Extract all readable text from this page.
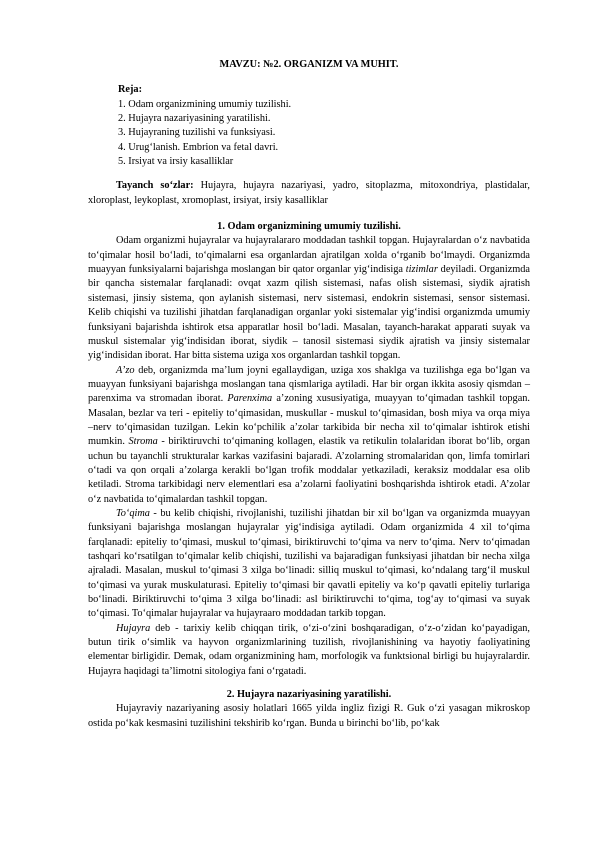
MAVZU: №2. ORGANIZM VA MUHIT.
Reja:
1. Odam organizmining umumiy tuzilishi.
2. Hujayra nazariyasining yaratilishi.
3. Hujayraning tuzilishi va funksiyasi.
4. Urug‘lanish. Embrion va fetal davri.
5. Irsiyat va irsiy kasalliklar

Tayanch so‘zlar: Hujayra, hujayra nazariyasi, yadro, sitoplazma, mitoxondriya, plastidalar, xloroplast, leykoplast, xromoplast, irsiyat, irsiy kasalliklar

1. Odam organizmining umumiy tuzilishi.

Odam organizmi hujayralar va hujayralararo moddadan tashkil topgan. Hujayralardan o‘z navbatida to‘qimalar hosil bo‘ladi, to‘qimalarni esa organlardan ajratilgan xolda o‘rganib bo‘lmaydi. Organizmda muayyan funksiyalarni bajarishga moslangan bir qator organlar yig‘indisiga tizimlar deyiladi. Organizmda bir qancha sistemalar farqlanadi: ovqat xazm qilish sistemasi, nafas olish sistemasi, siydik ajratish sistemasi, jinsiy sistema, qon aylanish sistemasi, nerv sistemasi, endokrin sistemasi, sensor sistemasi. Kelib chiqishi va tuzilishi jihatdan farqlanadigan organlar yoki sistemalar yig‘indisi organizmda umumiy funksiyani bajarishda ishtirok etsa apparatlar hosil bo‘ladi. Masalan, tayanch-harakat apparati suyak va muskul sistemalar yig‘indisidan iborat, siydik – tanosil sistemasi siydik ajratish va jinsiy sistemalar yig‘indisidan iborat. Har bitta sistema uziga xos organlardan tashkil topgan.

A’zo deb, organizmda ma’lum joyni egallaydigan, uziga xos shaklga va tuzilishga ega bo‘lgan va muayyan funksiyani bajarishga moslangan tana qismlariga aytiladi. Har bir organ ikkita asosiy qismdan – parenxima va stromadan iborat. Parenxima a’zoning xususiyatiga, muayyan to‘qimadan tashkil topgan. Masalan, bezlar va teri - epiteliy to‘qimasidan, muskullar - muskul to‘qimasidan, bosh miya va orqa miya –nerv to‘qimasidan tuzilgan. Lekin ko‘pchilik a’zolar tarkibida bir necha xil to‘qimalar ishtirok etishi mumkin. Stroma - biriktiruvchi to‘qimaning kollagen, elastik va retikulin tolalaridan iborat bo‘lib, organ uchun bu tayanchli strukturalar karkas vazifasini bajaradi. A’zolarning stromalaridan qon, limfa tomirlari o‘tadi va qon orqali a’zolarga kerakli bo‘lgan trofik moddalar yetkaziladi, keraksiz moddalar esa olib ketiladi. Stroma tarkibidagi nerv elementlari esa a’zolarni faoliyatini boshqarishda ishtirok etadi. A’zolar o‘z navbatida to‘qimalardan tashkil topgan.

To‘qima - bu kelib chiqishi, rivojlanishi, tuzilishi jihatdan bir xil bo‘lgan va organizmda muayyan funksiyani bajarishga moslangan hujayralar yig‘indisiga aytiladi. Odam organizmida 4 xil to‘qima farqlanadi: epiteliy to‘qimasi, muskul to‘qimasi, biriktiruvchi to‘qima va nerv to‘qima. Nerv to‘qimadan tashqari ko‘rsatilgan to‘qimalar kelib chiqishi, tuzilishi va bajaradigan funksiyasi jihatdan bir necha xilga ajraladi. Masalan, muskul to‘qimasi 3 xilga bo‘linadi: silliq muskul to‘qimasi, ko‘ndalang targ‘il muskul to‘qimasi va yurak muskulaturasi. Epiteliy to‘qimasi bir qavatli epiteliy va ko‘p qavatli epiteliy turlariga bo‘linadi. Biriktiruvchi to‘qima 3 xilga bo‘linadi: asl biriktiruvchi to‘qima, tog‘ay to‘qimasi va suyak to‘qimasi. To‘qimalar hujayralar va hujayraaro moddadan tarkib topgan.

Hujayra deb - tarixiy kelib chiqqan tirik, o‘zi-o‘zini boshqaradigan, o‘z-o‘zidan ko‘payadigan, butun tirik o‘simlik va hayvon organizmlarining tuzilish, rivojlanishining va hayotiy faoliyatining elementar birligidir. Demak, odam organizmining ham, morfologik va funktsional birligi bu hujayralardir. Hujayra haqidagi ta’limotni sitologiya fani o‘rgatadi.

2. Hujayra nazariyasining yaratilishi.

Hujayraviy nazariyaning asosiy holatlari 1665 yilda ingliz fizigi R. Guk o‘zi yasagan mikroskop ostida po‘kak kesmasini tuzilishini tekshirib ko‘rgan. Bunda u birinchi bo‘lib, po‘kak
